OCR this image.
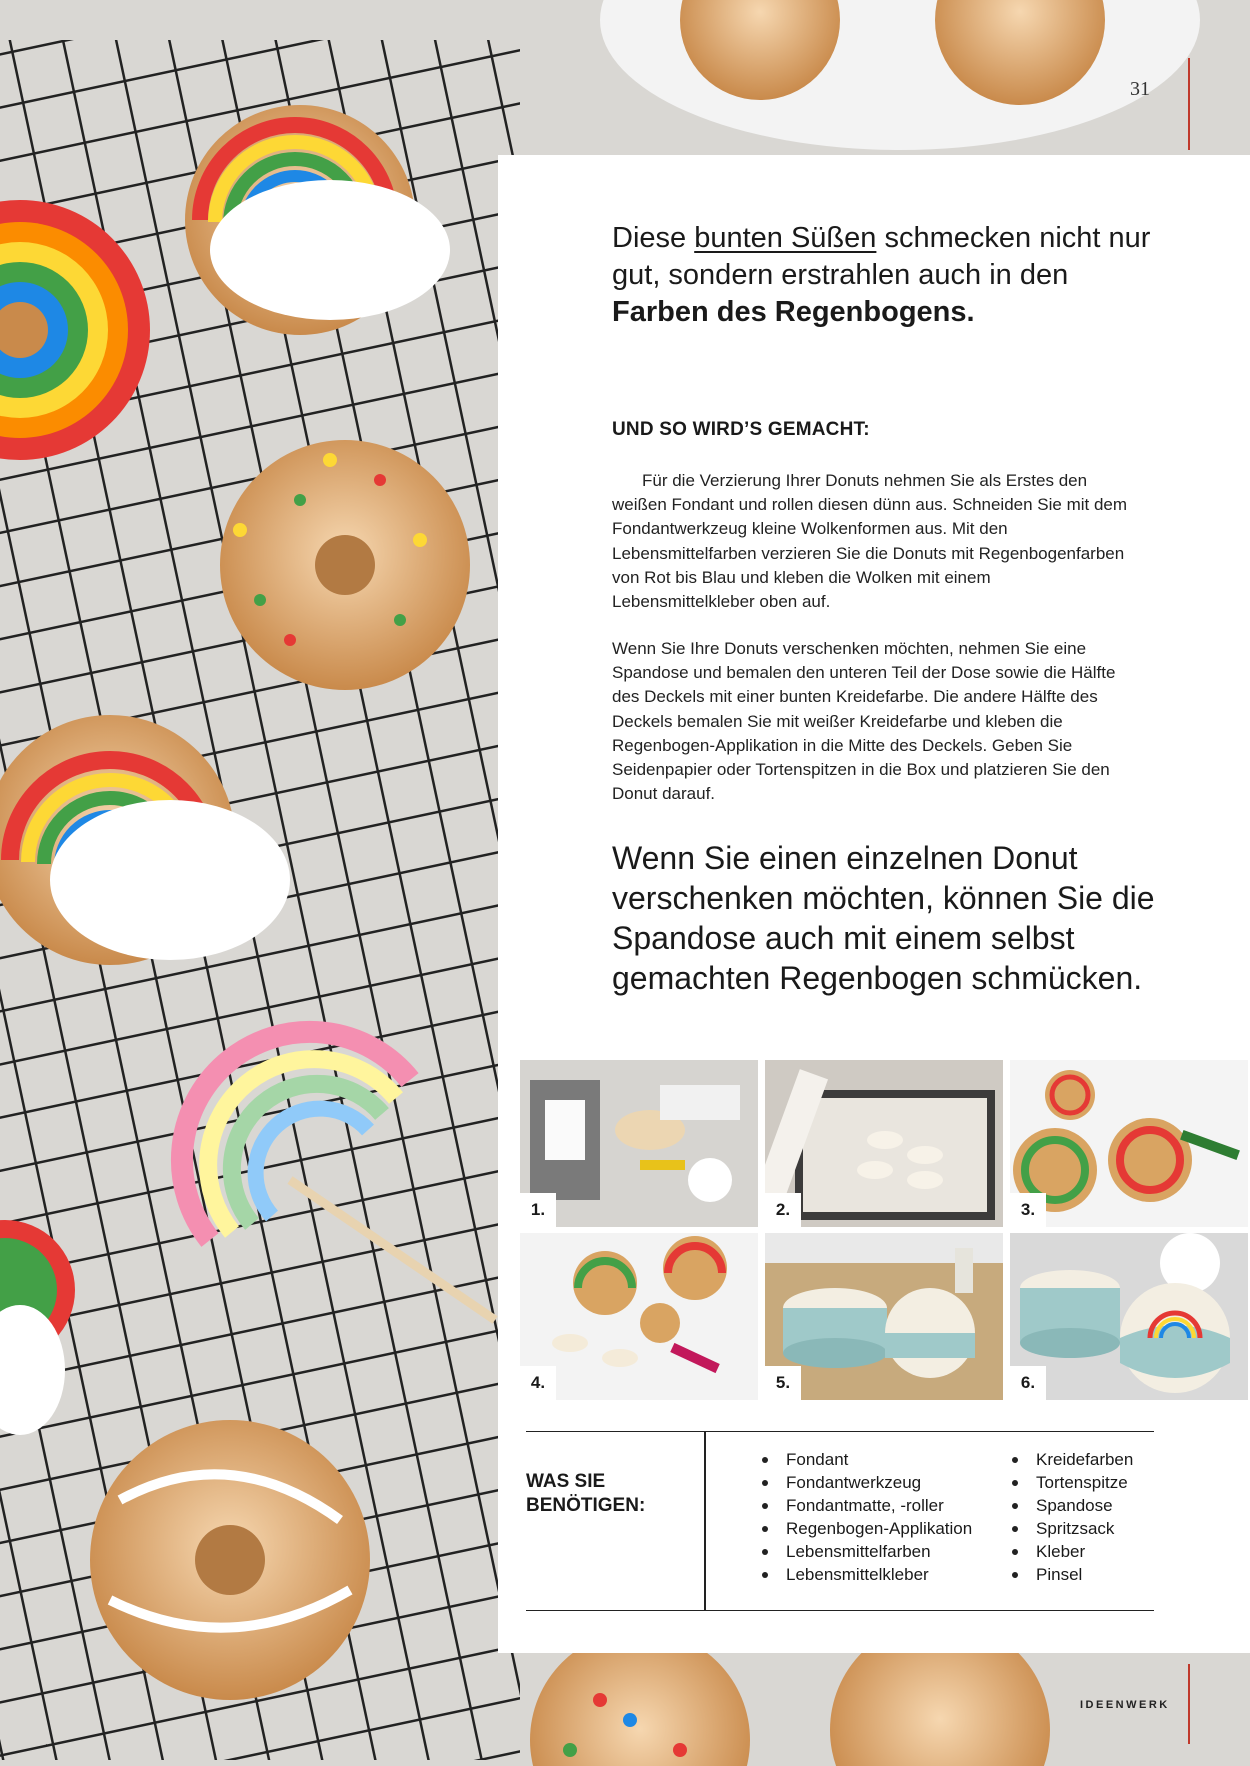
31
Diese bunten Süßen schmecken nicht nur gut, sondern erstrahlen auch in den Farben des Regenbogens.
UND SO WIRD’S GEMACHT:

Für die Verzierung Ihrer Donuts nehmen Sie als Erstes den weißen Fondant und rollen diesen dünn aus. Schneiden Sie mit dem Fondantwerkzeug kleine Wolkenformen aus. Mit den Lebensmittelfarben verzieren Sie die Donuts mit Regenbogenfarben von Rot bis Blau und kleben die Wolken mit einem Lebensmittelkleber oben auf.

Wenn Sie Ihre Donuts verschenken möchten, nehmen Sie eine Spandose und bemalen den unteren Teil der Dose sowie die Hälfte des Deckels mit einer bunten Kreidefarbe. Die andere Hälfte des Deckels bemalen Sie mit weißer Kreidefarbe und kleben die Regenbogen-Applikation in die Mitte des Deckels. Geben Sie Seidenpapier oder Tortenspitzen in die Box und platzieren Sie den Donut darauf.

Wenn Sie einen einzelnen Donut verschenken möchten, können Sie die Spandose auch mit einem selbst gemachten Regenbogen schmücken.
1.	2.	3.
4.	5.	6.
WAS SIE
BENÖTIGEN:
Fondant
Fondantwerkzeug
Fondantmatte, -roller
Regenbogen-Applikation
Lebensmittelfarben
Lebensmittelkleber
Kreidefarben
Tortenspitze
Spandose
Spritzsack
Kleber
Pinsel
IDEENWERK
